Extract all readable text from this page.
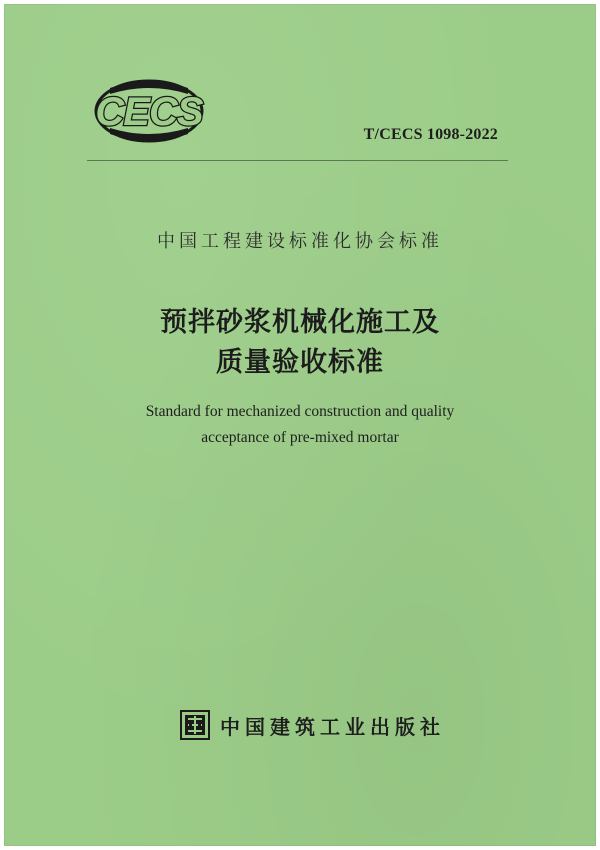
CECS
T/CECS 1098-2022
中国工程建设标准化协会标准
预拌砂浆机械化施工及
质量验收标准
Standard for mechanized construction and quality
acceptance of pre-mixed mortar
中国建筑工业出版社
